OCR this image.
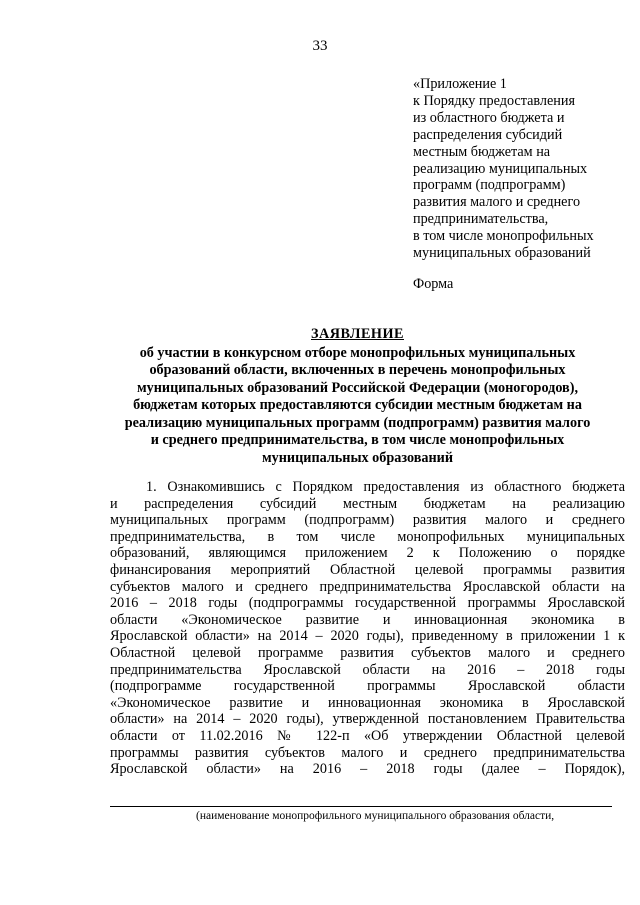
33
«Приложение 1
к Порядку предоставления
из областного бюджета и
распределения субсидий
местным бюджетам на
реализацию муниципальных
программ (подпрограмм)
развития малого и среднего
предпринимательства,
в том числе монопрофильных
муниципальных образований
Форма
ЗАЯВЛЕНИЕ
об участии в конкурсном отборе монопрофильных муниципальных
образований области, включенных в перечень монопрофильных
муниципальных образований Российской Федерации (моногородов),
бюджетам которых предоставляются субсидии местным бюджетам на
реализацию муниципальных программ (подпрограмм) развития малого
и среднего предпринимательства, в том числе монопрофильных
муниципальных образований
1. Ознакомившись с Порядком предоставления из областного бюджета
и распределения субсидий местным бюджетам на реализацию
муниципальных программ (подпрограмм) развития малого и среднего
предпринимательства, в том числе монопрофильных муниципальных
образований, являющимся приложением 2 к Положению о порядке
финансирования мероприятий Областной целевой программы развития
субъектов малого и среднего предпринимательства Ярославской области на
2016 – 2018 годы (подпрограммы государственной программы Ярославской
области «Экономическое развитие и инновационная экономика в
Ярославской области» на 2014 – 2020 годы), приведенному в приложении 1 к
Областной целевой программе развития субъектов малого и среднего
предпринимательства Ярославской области на 2016 – 2018 годы
(подпрограмме государственной программы Ярославской области
«Экономическое развитие и инновационная экономика в Ярославской
области» на 2014 – 2020 годы), утвержденной постановлением Правительства
области от 11.02.2016 № 122-п «Об утверждении Областной целевой
программы развития субъектов малого и среднего предпринимательства
Ярославской области» на 2016 – 2018 годы (далее – Порядок),
(наименование монопрофильного муниципального образования области,
